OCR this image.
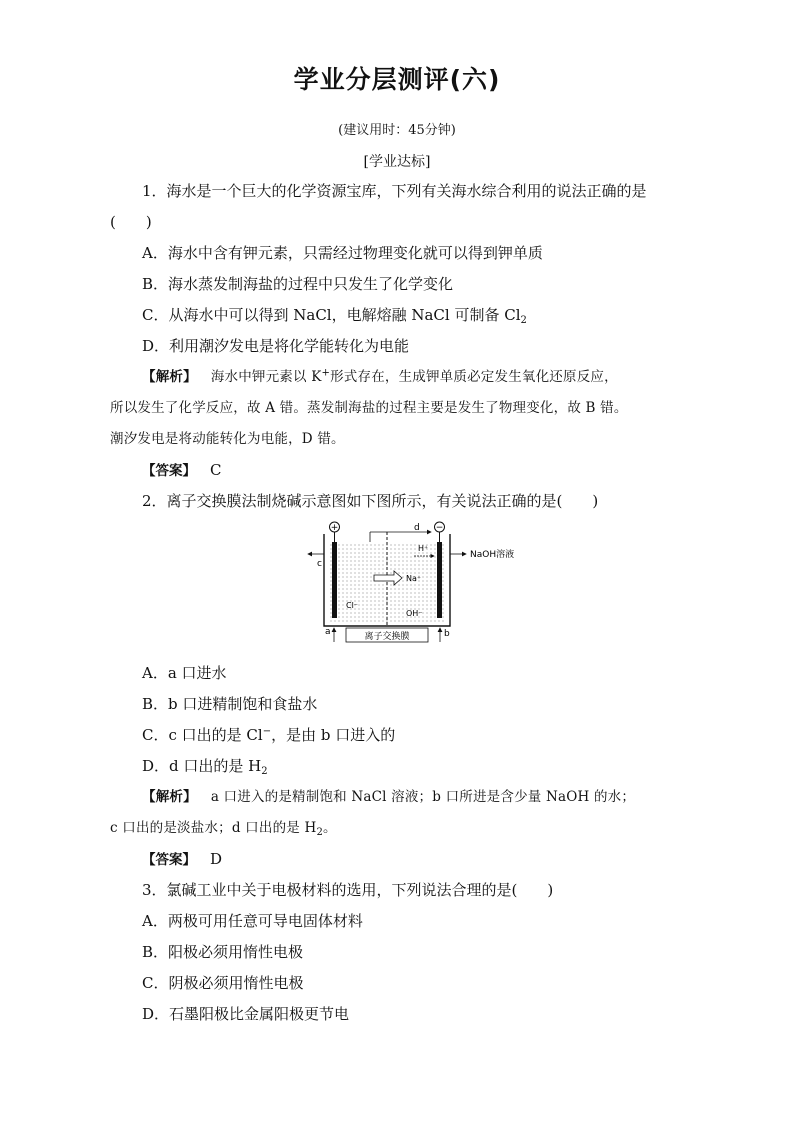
学业分层测评(六)
(建议用时：45分钟)
[学业达标]
1．海水是一个巨大的化学资源宝库，下列有关海水综合利用的说法正确的是
(　　)
A．海水中含有钾元素，只需经过物理变化就可以得到钾单质
B．海水蒸发制海盐的过程中只发生了化学变化
C．从海水中可以得到 NaCl，电解熔融 NaCl 可制备 $Cl_2$
D．利用潮汐发电是将化学能转化为电能
【解析】 海水中钾元素以 K+形式存在，生成钾单质必定发生氧化还原反应，
所以发生了化学反应，故 A 错。蒸发制海盐的过程主要是发生了物理变化，故 B 错。
潮汐发电是将动能转化为电能，D 错。
【答案】 C
2．离子交换膜法制烧碱示意图如下图所示，有关说法正确的是(　　)
+	−
d
c
NaOH溶液
H⁺
Na⁺
Cl⁻
OH⁻
a	b
离子交换膜
A．a 口进水
B．b 口进精制饱和食盐水
C．c 口出的是 Cl−，是由 b 口进入的
D．d 口出的是 $H_2$
【解析】 a 口进入的是精制饱和 NaCl 溶液；b 口所进是含少量 NaOH 的水；
c 口出的是淡盐水；d 口出的是 $H_2$。
【答案】 D
3．氯碱工业中关于电极材料的选用，下列说法合理的是(　　)
A．两极可用任意可导电固体材料
B．阳极必须用惰性电极
C．阴极必须用惰性电极
D．石墨阳极比金属阳极更节电
